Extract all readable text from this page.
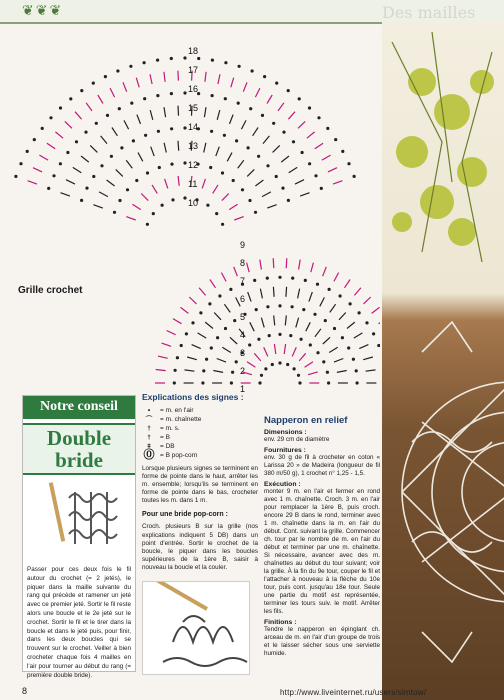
❦❦❦	Des mailles
18
17
16
15
14
13
12
11
10
9
8
7
6
5
4
3
2
1
Grille crochet
Notre conseil
Double
bride
Passer pour ces deux fois le fil autour du crochet (= 2 jetés), le piquer dans la maille suivante du rang qui précède et ramener un jeté avec ce premier jeté. Sortir le fil reste alors une boucle et le 2e jeté sur le crochet. Sortir le fil et le tirer dans la boucle et dans le jeté puis, pour finir, dans les deux boucles qui se trouvent sur le crochet. Veiller à bien crocheter chaque fois 4 mailles en l'air pour tourner au début du rang (= première double bride).
Explications des signes :
•	= m. en l'air
⌒	= m. chaînette
†	= m. s.
†	= B
ǂ	= DB
⓪ = B pop-corn

Lorsque plusieurs signes se terminent en forme de pointe dans le haut, arrêter les m. ensemble; lorsqu'ils se terminent en forme de pointe dans le bas, crocheter toutes les m. dans 1 m.

Pour une bride pop-corn :

Croch. plusieurs B sur la grille (nos explications indiquent 5 DB) dans un point d'entrée. Sortir le crochet de la boucle, le piquer dans les boucles supérieures de la 1ère B, saisir à nouveau la boucle et la couler.

Napperon en relief
Dimensions :

env. 29 cm de diamètre

Fournitures :

env. 30 g de fil à crocheter en coton « Larissa 20 » de Madeira (longueur de fil 380 m/50 g), 1 crochet n° 1,25 - 1,5.

Exécution :

monter 9 m. en l'air et fermer en rond avec 1 m. chaînette. Croch. 3 m. en l'air pour remplacer la 1ère B, puis croch. encore 29 B dans le rond, terminer avec 1 m. chaînette dans la m. en l'air du début. Cont. suivant la grille. Commencer ch. tour par le nombre de m. en l'air du début et terminer par une m. chaînette. Si nécessaire, avancer avec des m. chaînettes au début du tour suivant; voir la grille. À la fin du 9e tour, couper le fil et l'attacher à nouveau à la flèche du 10e tour, puis cont. jusqu'au 18e tour. Seule une partie du motif est représentée, terminer les tours suiv. le motif. Arrêter les fils.

Finitions :

Tendre le napperon en épinglant ch. arceau de m. en l'air d'un groupe de trois et le laisser sécher sous une serviette humide.

8	http://www.liveinternet.ru/users/simtow/
